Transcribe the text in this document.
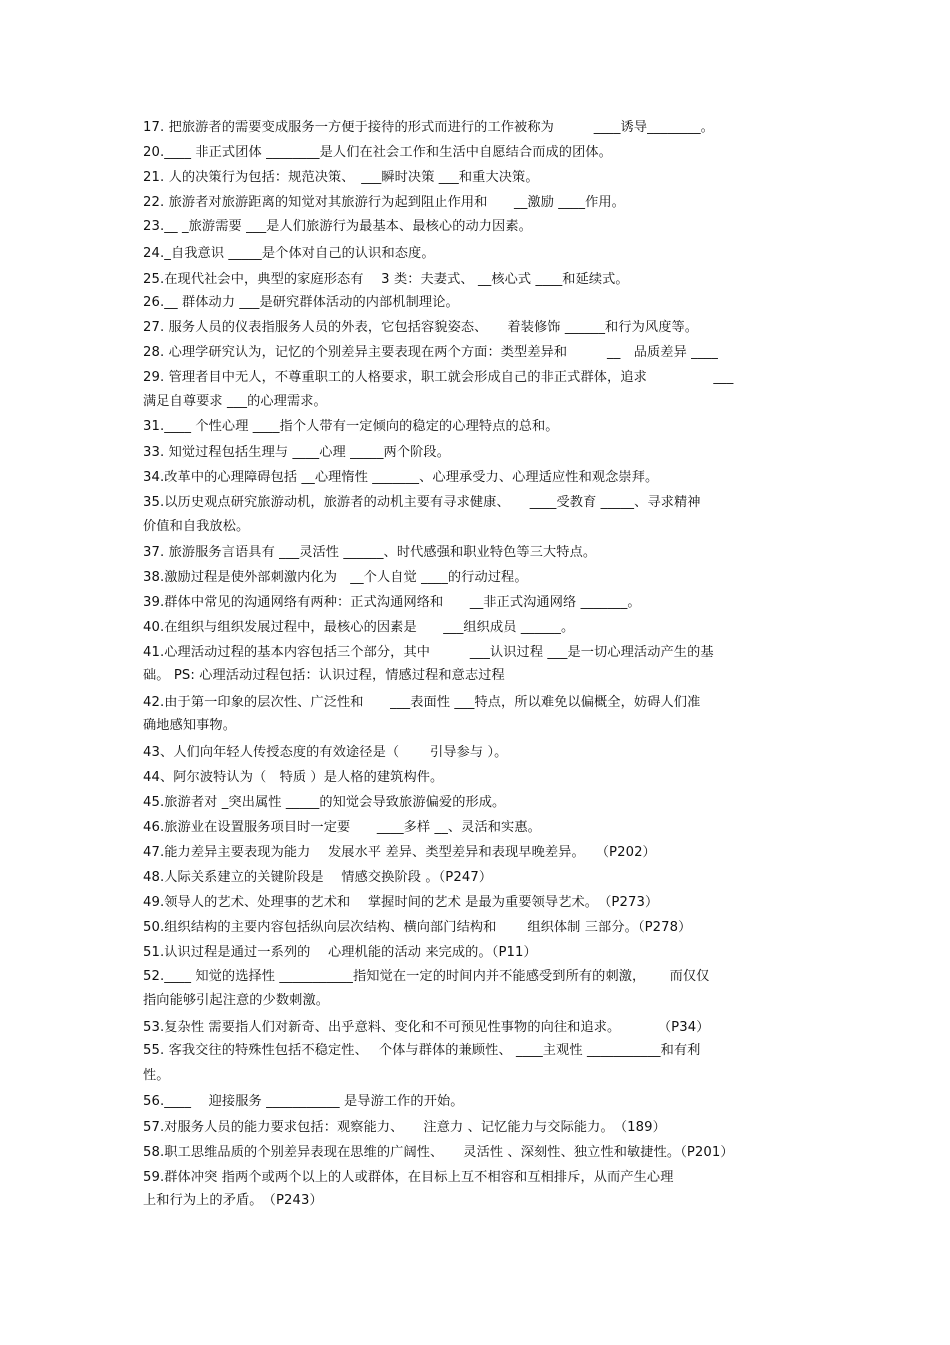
17. 把旅游者的需要变成服务一方便于接待的形式而进行的工作被称为　　　____诱导________。
20.____ 非正式团体 ________是人们在社会工作和生活中自愿结合而成的团体。
21. 人的决策行为包括：规范决策、　___瞬时决策 ___和重大决策。
22. 旅游者对旅游距离的知觉对其旅游行为起到阻止作用和　　__激励 ____作用。
23.__ _旅游需要 ___是人们旅游行为最基本、最核心的动力因素。
24._自我意识 _____是个体对自己的认识和态度。
25.在现代社会中，典型的家庭形态有　 3 类：夫妻式、 __核心式 ____和延续式。
26.__ 群体动力 ___是研究群体活动的内部机制理论。
27. 服务人员的仪表指服务人员的外表，它包括容貌姿态、　　着装修饰 ______和行为风度等。
28. 心理学研究认为，记忆的个别差异主要表现在两个方面：类型差异和　　　__　品质差异 ____
29. 管理者目中无人，不尊重职工的人格要求，职工就会形成自己的非正式群体，追求　　　　　___
满足自尊要求 ___的心理需求。
31.____ 个性心理 ____指个人带有一定倾向的稳定的心理特点的总和。
33. 知觉过程包括生理与 ____心理 _____两个阶段。
34.改革中的心理障碍包括 __心理惰性 _______、心理承受力、心理适应性和观念崇拜。
35.以历史观点研究旅游动机，旅游者的动机主要有寻求健康、　　____受教育 _____、寻求精神
价值和自我放松。
37. 旅游服务言语具有 ___灵活性 ______、时代感强和职业特色等三大特点。
38.激励过程是使外部刺激内化为　__个人自觉 ____的行动过程。
39.群体中常见的沟通网络有两种：正式沟通网络和　　__非正式沟通网络 _______。
40.在组织与组织发展过程中，最核心的因素是　　___组织成员 ______。
41.心理活动过程的基本内容包括三个部分，其中　　　___认识过程 ___是一切心理活动产生的基
础。 PS: 心理活动过程包括：认识过程，情感过程和意志过程
42.由于第一印象的层次性、广泛性和　　___表面性 ___特点，所以难免以偏概全，妨碍人们准
确地感知事物。
43、人们向年轻人传授态度的有效途径是（　　 引导参与 ）。
44、阿尔波特认为（　特质 ）是人格的建筑构件。
45.旅游者对 _突出属性 _____的知觉会导致旅游偏爱的形成。
46.旅游业在设置服务项目时一定要　　____多样 __、灵活和实惠。
47.能力差异主要表现为能力　 发展水平 差异、类型差异和表现早晚差异。　 （P202）
48.人际关系建立的关键阶段是　 情感交换阶段 。（P247）
49.领导人的艺术、处理事的艺术和　 掌握时间的艺术 是最为重要领导艺术。　（P273）
50.组织结构的主要内容包括纵向层次结构、横向部门结构和　　 组织体制 三部分。（P278）
51.认识过程是通过一系列的　 心理机能的活动 来完成的。（P11）
52.____ 知觉的选择性 ___________指知觉在一定的时间内并不能感受到所有的刺激，　　 而仅仅
指向能够引起注意的少数刺激。
53.复杂性 需要指人们对新奇、出乎意料、变化和不可预见性事物的向往和追求。　　　 （P34）
55. 客我交往的特殊性包括不稳定性、　 个体与群体的兼顾性、 ____主观性 ___________和有利
性。
56.____　 迎接服务 ___________ 是导游工作的开始。
57.对服务人员的能力要求包括：观察能力、　　注意力 、记忆能力与交际能力。　（189）
58.职工思维品质的个别差异表现在思维的广阔性、　　灵活性 、深刻性、独立性和敏捷性。（P201）
59.群体冲突 指两个或两个以上的人或群体，在目标上互不相容和互相排斥，从而产生心理
上和行为上的矛盾。　（P243）
